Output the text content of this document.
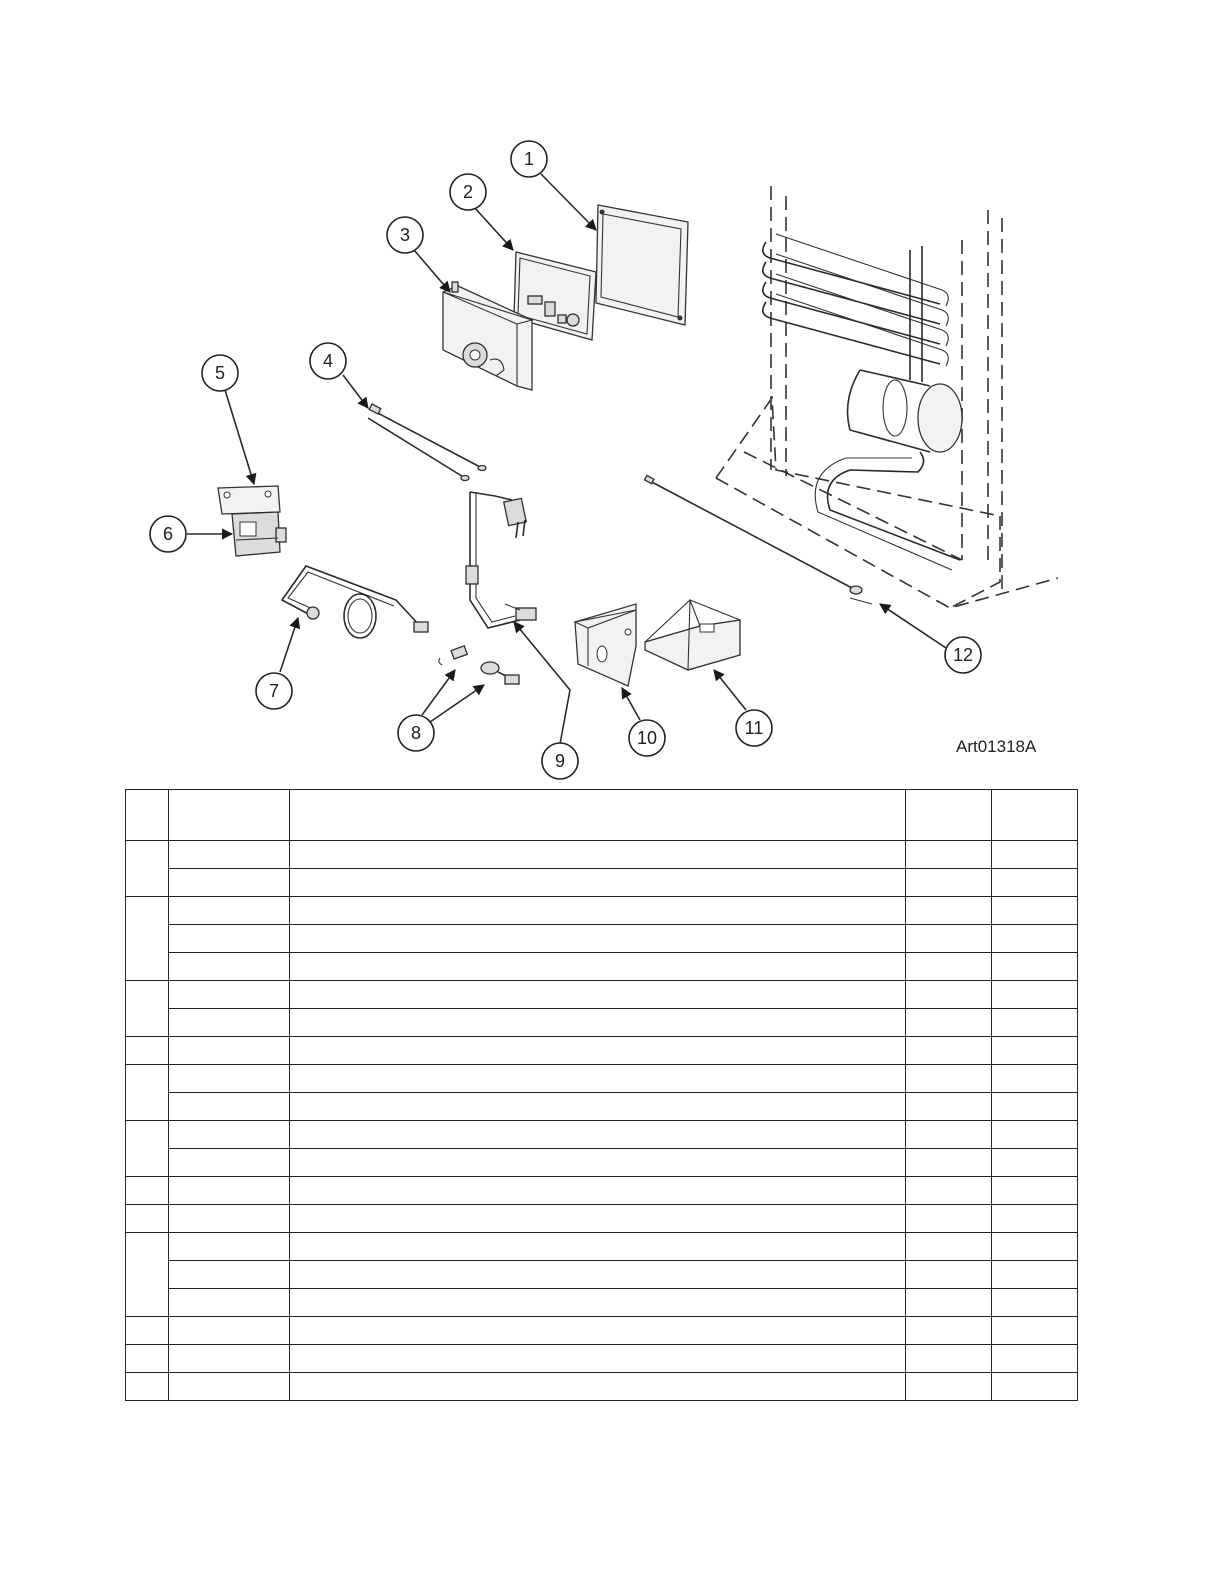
1
2
3
4
5
6
7
8
9
10	11
12
Art01318A
